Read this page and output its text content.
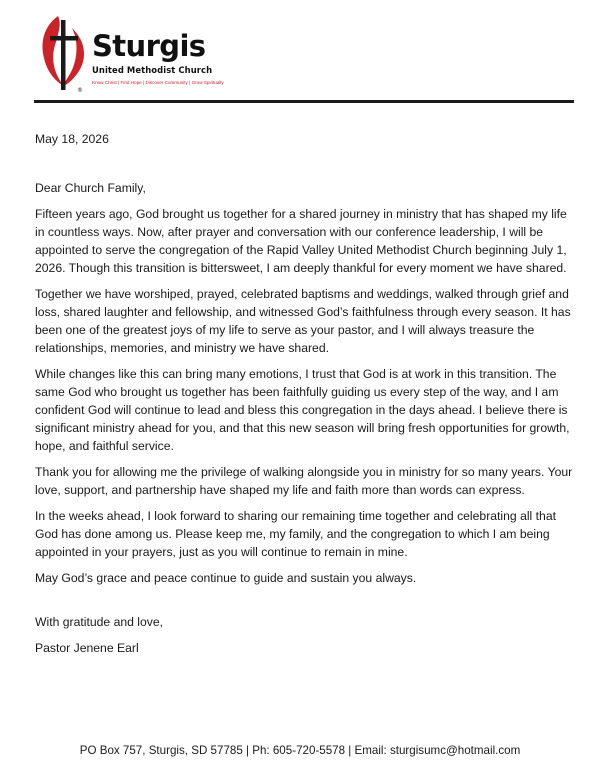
®
Sturgis
United Methodist Church
Know Christ | Find Hope | Discover Community | Grow Spiritually

May 18, 2026

Dear Church Family,

Fifteen years ago, God brought us together for a shared journey in ministry that has shaped my life in countless ways. Now, after prayer and conversation with our conference leadership, I will be appointed to serve the congregation of the Rapid Valley United Methodist Church beginning July 1, 2026. Though this transition is bittersweet, I am deeply thankful for every moment we have shared.

Together we have worshiped, prayed, celebrated baptisms and weddings, walked through grief and loss, shared laughter and fellowship, and witnessed God’s faithfulness through every season. It has been one of the greatest joys of my life to serve as your pastor, and I will always treasure the relationships, memories, and ministry we have shared.

While changes like this can bring many emotions, I trust that God is at work in this transition. The same God who brought us together has been faithfully guiding us every step of the way, and I am confident God will continue to lead and bless this congregation in the days ahead. I believe there is significant ministry ahead for you, and that this new season will bring fresh opportunities for growth, hope, and faithful service.

Thank you for allowing me the privilege of walking alongside you in ministry for so many years. Your love, support, and partnership have shaped my life and faith more than words can express.

In the weeks ahead, I look forward to sharing our remaining time together and celebrating all that God has done among us. Please keep me, my family, and the congregation to which I am being appointed in your prayers, just as you will continue to remain in mine.

May God’s grace and peace continue to guide and sustain you always.

With gratitude and love,

Pastor Jenene Earl

PO Box 757, Sturgis, SD 57785 | Ph: 605-720-5578 | Email: sturgisumc@hotmail.com
